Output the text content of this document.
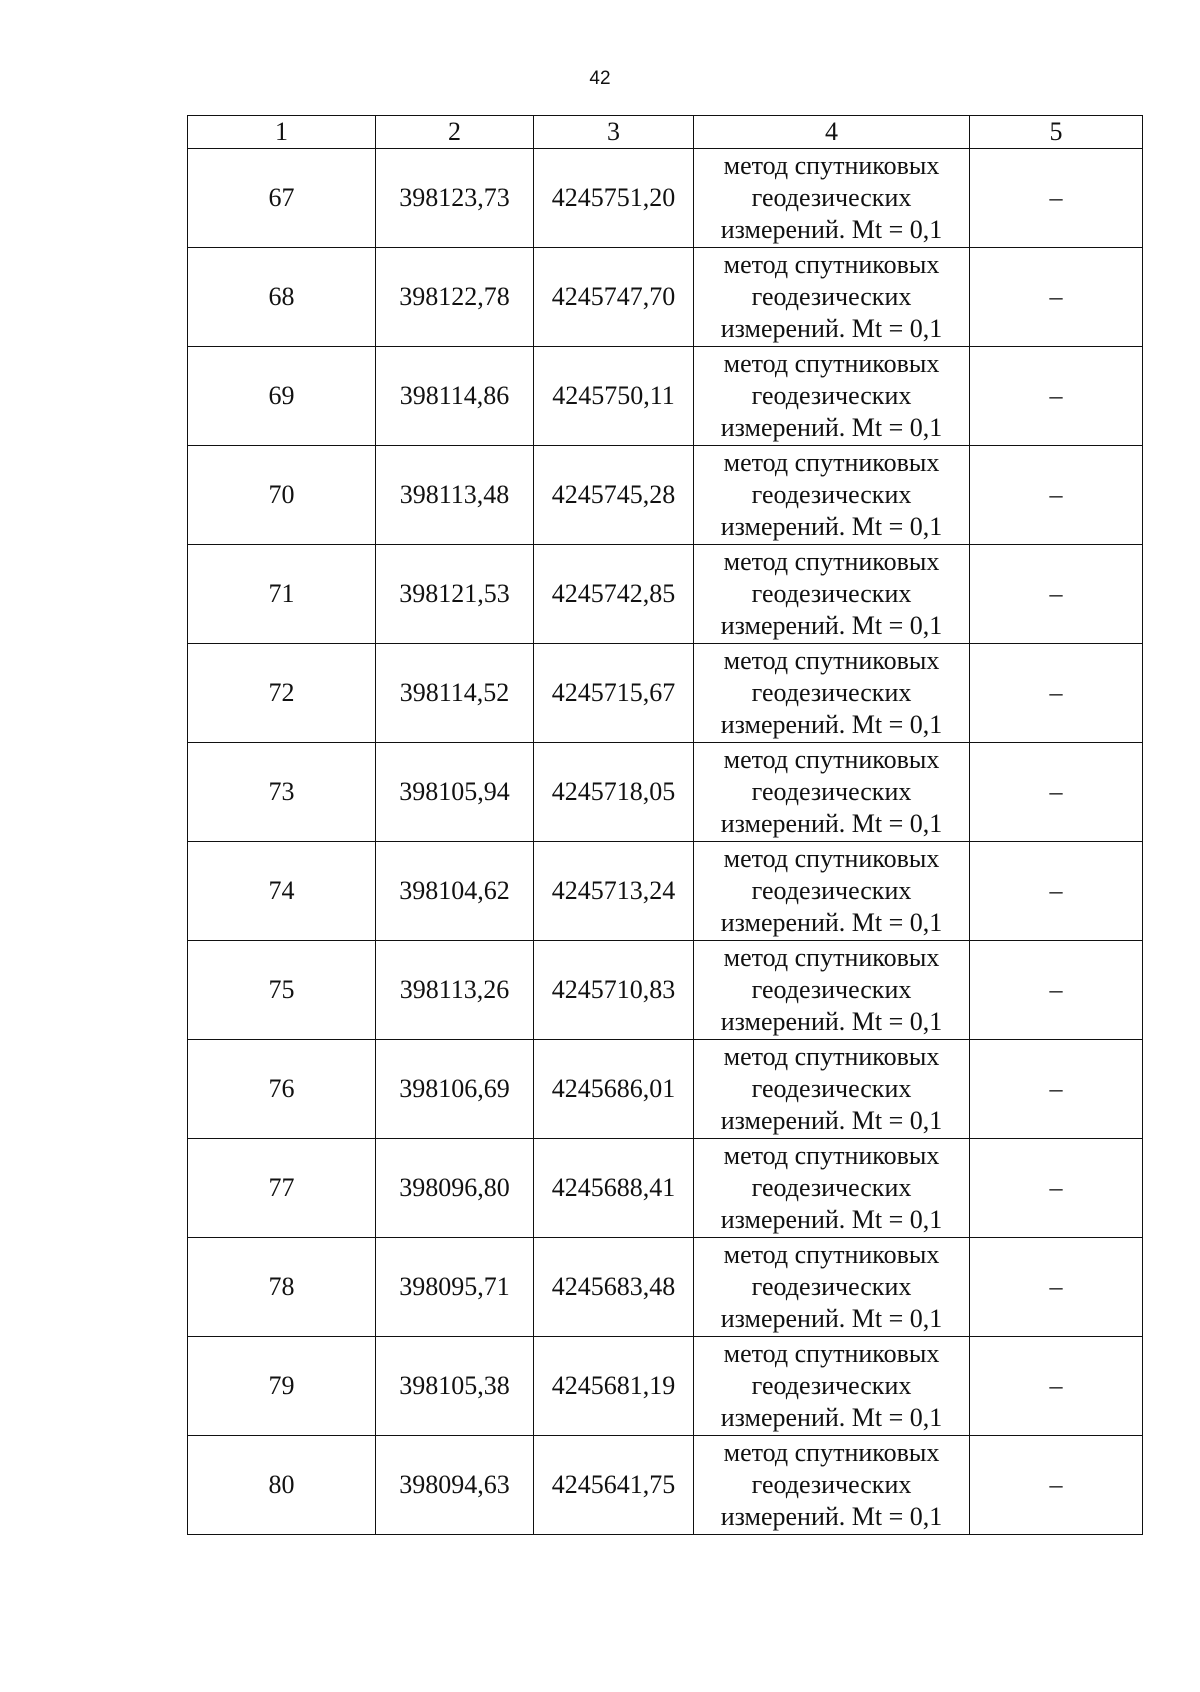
42
1	2	3	4	5
67	398123,73	4245751,20	метод спутниковых
геодезических
измерений. Mt = 0,1	–
68	398122,78	4245747,70	метод спутниковых
геодезических
измерений. Mt = 0,1	–
69	398114,86	4245750,11	метод спутниковых
геодезических
измерений. Mt = 0,1	–
70	398113,48	4245745,28	метод спутниковых
геодезических
измерений. Mt = 0,1	–
71	398121,53	4245742,85	метод спутниковых
геодезических
измерений. Mt = 0,1	–
72	398114,52	4245715,67	метод спутниковых
геодезических
измерений. Mt = 0,1	–
73	398105,94	4245718,05	метод спутниковых
геодезических
измерений. Mt = 0,1	–
74	398104,62	4245713,24	метод спутниковых
геодезических
измерений. Mt = 0,1	–
75	398113,26	4245710,83	метод спутниковых
геодезических
измерений. Mt = 0,1	–
76	398106,69	4245686,01	метод спутниковых
геодезических
измерений. Mt = 0,1	–
77	398096,80	4245688,41	метод спутниковых
геодезических
измерений. Mt = 0,1	–
78	398095,71	4245683,48	метод спутниковых
геодезических
измерений. Mt = 0,1	–
79	398105,38	4245681,19	метод спутниковых
геодезических
измерений. Mt = 0,1	–
80	398094,63	4245641,75	метод спутниковых
геодезических
измерений. Mt = 0,1	–
